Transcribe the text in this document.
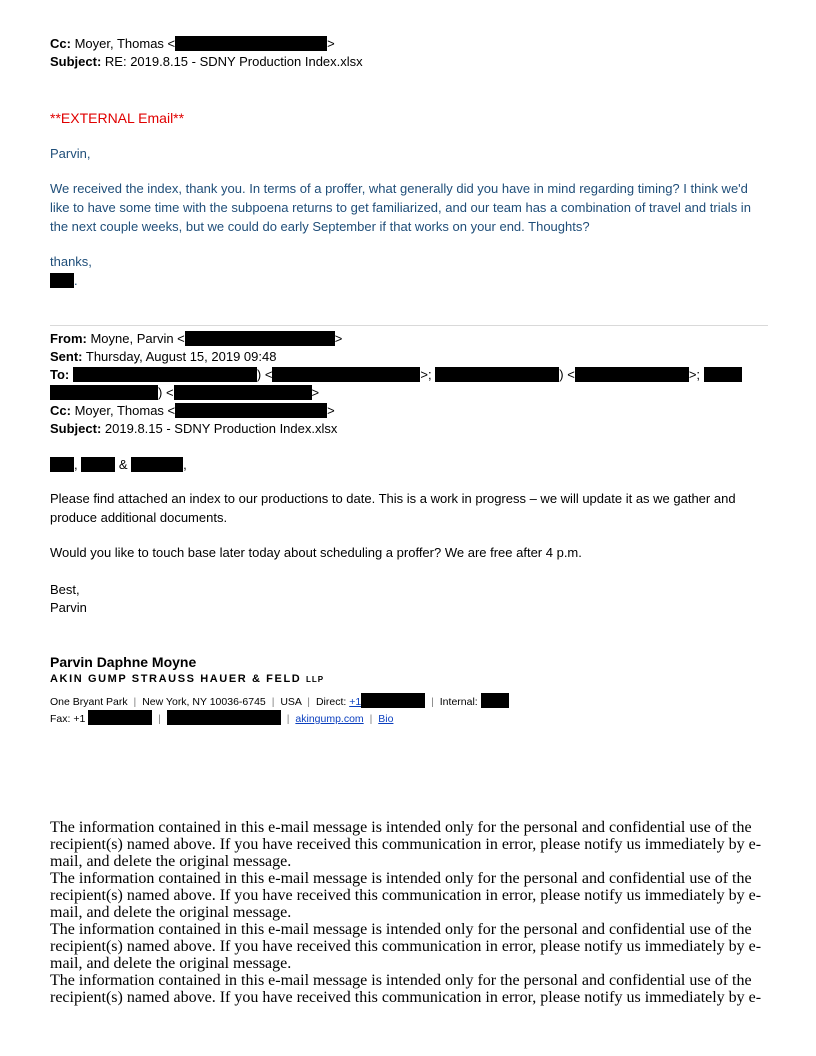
Cc: Moyer, Thomas <	>
Subject: RE: 2019.8.15 - SDNY Production Index.xlsx
**EXTERNAL Email**
Parvin,
We received the index, thank you. In terms of a proffer, what generally did you have in mind regarding timing? I think we'd like to have some time with the subpoena returns to get familiarized, and our team has a combination of travel and trials in the next couple weeks, but we could do early September if that works on your end. Thoughts?
thanks,
.
From: Moyne, Parvin <	>
Sent: Thursday, August 15, 2019 09:48
To:	) <	>;	) <	>;
) <	>
Cc: Moyer, Thomas <	>
Subject: 2019.8.15 - SDNY Production Index.xlsx
,	&	,
Please find attached an index to our productions to date. This is a work in progress – we will update it as we gather and produce additional documents.
Would you like to touch base later today about scheduling a proffer? We are free after 4 p.m.
Best,
Parvin
Parvin Daphne Moyne
AKIN GUMP STRAUSS HAUER & FELD LLP
One Bryant Park | New York, NY 10036-6745 | USA | Direct: +1	| Internal:
Fax: +1	|	| akingump.com | Bio
The information contained in this e-mail message is intended only for the personal and confidential use of the recipient(s) named above. If you have received this communication in error, please notify us immediately by e-mail, and delete the original message.
The information contained in this e-mail message is intended only for the personal and confidential use of the recipient(s) named above. If you have received this communication in error, please notify us immediately by e-mail, and delete the original message.
The information contained in this e-mail message is intended only for the personal and confidential use of the recipient(s) named above. If you have received this communication in error, please notify us immediately by e-mail, and delete the original message.
The information contained in this e-mail message is intended only for the personal and confidential use of the recipient(s) named above. If you have received this communication in error, please notify us immediately by e-
